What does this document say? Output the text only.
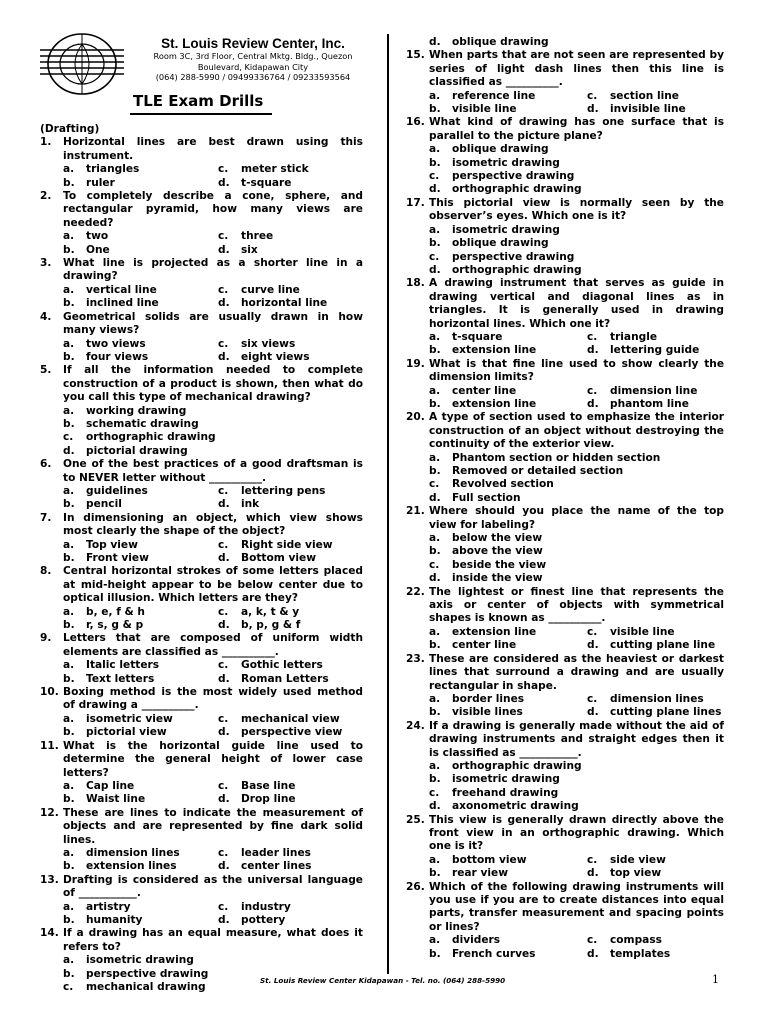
St. Louis Review Center, Inc.
Room 3C, 3rd Floor, Central Mktg. Bldg., Quezon
Boulevard, Kidapawan City
(064) 288-5990 / 09499336764 / 09233593564
TLE Exam Drills
(Drafting)
1.	Horizontal lines are best drawn using this instrument.
a.	triangles	c.	meter stick
b.	ruler	d.	t-square
2.	To completely describe a cone, sphere, and rectangular pyramid, how many views are needed?
a.	two	c.	three
b.	One	d.	six
3.	What line is projected as a shorter line in a drawing?
a.	vertical line	c.	curve line
b.	inclined line	d.	horizontal line
4.	Geometrical solids are usually drawn in how many views?
a.	two views	c.	six views
b.	four views	d.	eight views
5.	If all the information needed to complete construction of a product is shown, then what do you call this type of mechanical drawing?
a.	working drawing
b.	schematic drawing
c.	orthographic drawing
d.	pictorial drawing
6.	One of the best practices of a good draftsman is to NEVER letter without __________.
a.	guidelines	c.	lettering pens
b.	pencil	d.	ink
7.	In dimensioning an object, which view shows most clearly the shape of the object?
a.	Top view	c.	Right side view
b.	Front view	d.	Bottom view
8.	Central horizontal strokes of some letters placed at mid-height appear to be below center due to optical illusion. Which letters are they?
a.	b, e, f & h	c.	a, k, t & y
b.	r, s, g & p	d.	b, p, g & f
9.	Letters that are composed of uniform width elements are classified as __________.
a.	Italic letters	c.	Gothic letters
b.	Text letters	d.	Roman Letters
10. Boxing method is the most widely used method of drawing a __________.
a.	isometric view	c.	mechanical view
b.	pictorial view	d.	perspective view
11. What is the horizontal guide line used to determine the general height of lower case letters?
a.	Cap line	c.	Base line
b.	Waist line	d.	Drop line
12. These are lines to indicate the measurement of objects and are represented by fine dark solid lines.
a.	dimension lines	c.	leader lines
b.	extension lines	d.	center lines
13. Drafting is considered as the universal language of ___________.
a.	artistry	c.	industry
b.	humanity	d.	pottery
14. If a drawing has an equal measure, what does it refers to?
a.	isometric drawing
b.	perspective drawing
c.	mechanical drawing
d.	oblique drawing
15. When parts that are not seen are represented by series of light dash lines then this line is classified as __________.
a.	reference line	c.	section line
b.	visible line	d.	invisible line
16. What kind of drawing has one surface that is parallel to the picture plane?
a.	oblique drawing
b.	isometric drawing
c.	perspective drawing
d.	orthographic drawing
17. This pictorial view is normally seen by the observer’s eyes. Which one is it?
a.	isometric drawing
b.	oblique drawing
c.	perspective drawing
d.	orthographic drawing
18. A drawing instrument that serves as guide in drawing vertical and diagonal lines as in triangles. It is generally used in drawing horizontal lines. Which one it?
a.	t-square	c.	triangle
b.	extension line	d.	lettering guide
19. What is that fine line used to show clearly the dimension limits?
a.	center line	c.	dimension line
b.	extension line	d.	phantom line
20. A type of section used to emphasize the interior construction of an object without destroying the continuity of the exterior view.
a.	Phantom section or hidden section
b.	Removed or detailed section
c.	Revolved section
d.	Full section
21. Where should you place the name of the top view for labeling?
a.	below the view
b.	above the view
c.	beside the view
d.	inside the view
22. The lightest or finest line that represents the axis or center of objects with symmetrical shapes is known as __________.
a.	extension line	c.	visible line
b.	center line	d.	cutting plane line
23. These are considered as the heaviest or darkest lines that surround a drawing and are usually rectangular in shape.
a.	border lines	c.	dimension lines
b.	visible lines	d.	cutting plane lines
24. If a drawing is generally made without the aid of drawing instruments and straight edges then it is classified as ___________.
a.	orthographic drawing
b.	isometric drawing
c.	freehand drawing
d.	axonometric drawing
25. This view is generally drawn directly above the front view in an orthographic drawing. Which one is it?
a.	bottom view	c.	side view
b.	rear view	d.	top view
26. Which of the following drawing instruments will you use if you are to create distances into equal parts, transfer measurement and spacing points or lines?
a.	dividers	c.	compass
b.	French curves	d.	templates
St. Louis Review Center Kidapawan - Tel. no. (064) 288-5990	1
